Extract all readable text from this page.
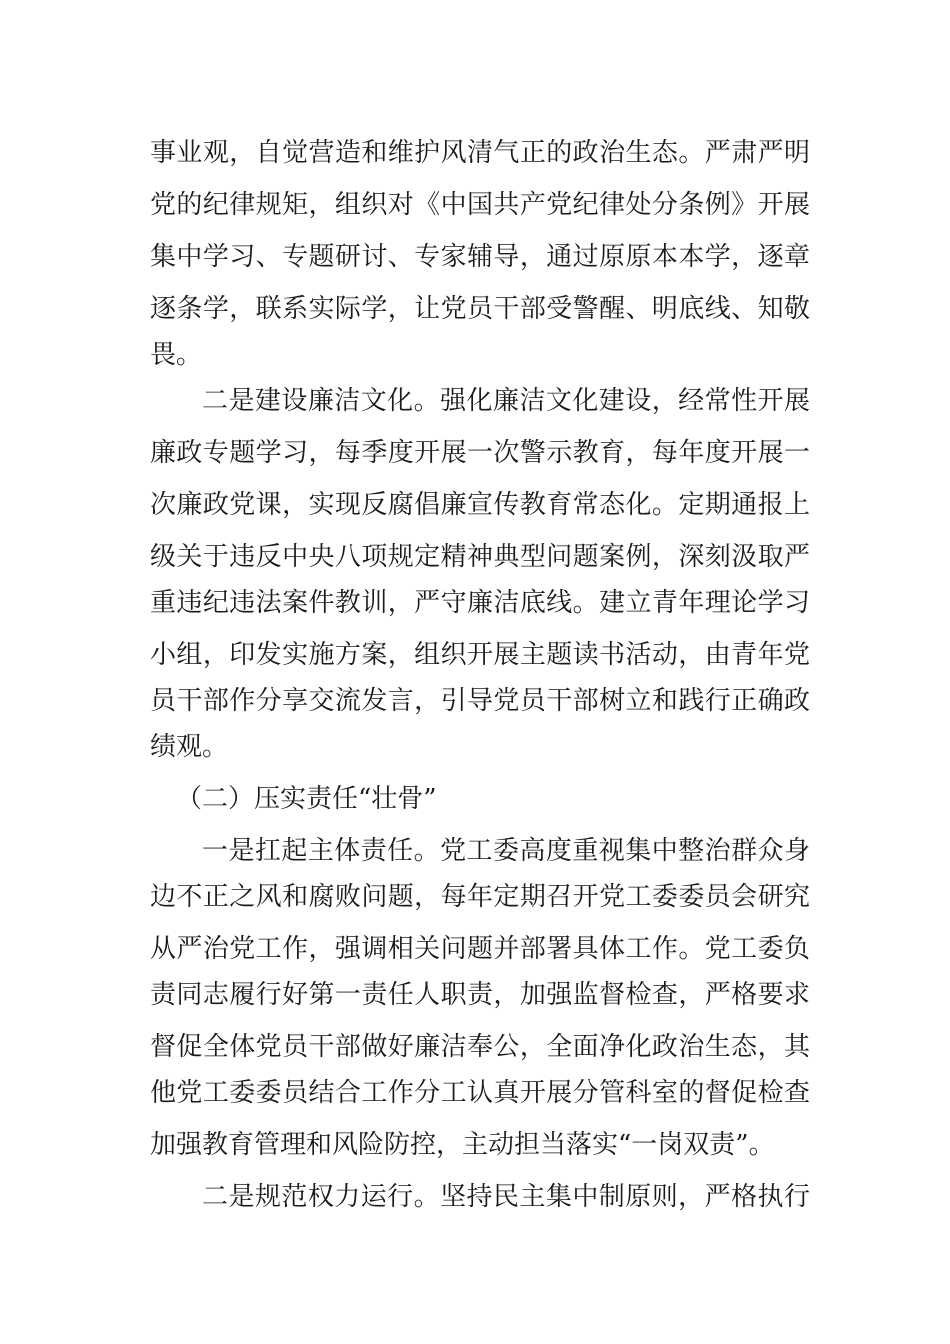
事业观，自觉营造和维护风清气正的政治生态。严肃严明
党的纪律规矩，组织对《中国共产党纪律处分条例》开展
集中学习、专题研讨、专家辅导，通过原原本本学，逐章
逐条学，联系实际学，让党员干部受警醒、明底线、知敬
畏。
二是建设廉洁文化。强化廉洁文化建设，经常性开展
廉政专题学习，每季度开展一次警示教育，每年度开展一
次廉政党课，实现反腐倡廉宣传教育常态化。定期通报上
级关于违反中央八项规定精神典型问题案例，深刻汲取严
重违纪违法案件教训，严守廉洁底线。建立青年理论学习
小组，印发实施方案，组织开展主题读书活动，由青年党
员干部作分享交流发言，引导党员干部树立和践行正确政
绩观。
（二）压实责任“壮骨”
一是扛起主体责任。党工委高度重视集中整治群众身
边不正之风和腐败问题，每年定期召开党工委委员会研究
从严治党工作，强调相关问题并部署具体工作。党工委负
责同志履行好第一责任人职责，加强监督检查，严格要求
督促全体党员干部做好廉洁奉公，全面净化政治生态，其
他党工委委员结合工作分工认真开展分管科室的督促检查
加强教育管理和风险防控，主动担当落实“一岗双责”。
二是规范权力运行。坚持民主集中制原则，严格执行
